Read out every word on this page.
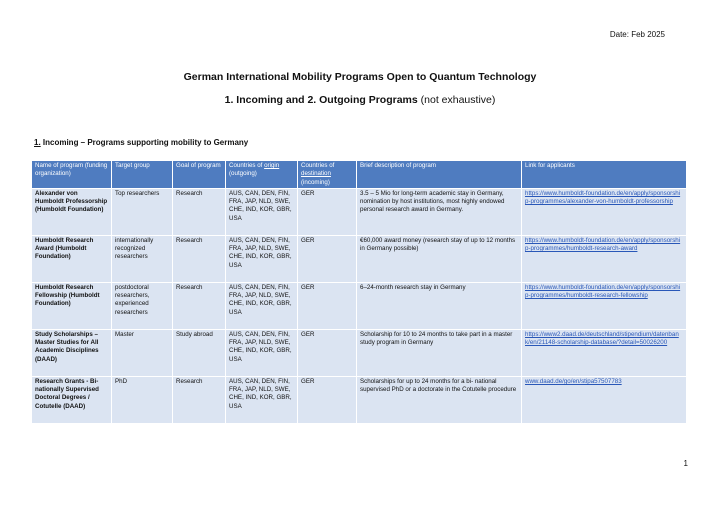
Date: Feb 2025
German International Mobility Programs Open to Quantum Technology
1. Incoming and 2. Outgoing Programs (not exhaustive)
1. Incoming – Programs supporting mobility to Germany
Name of program (funding organization)	Target group	Goal of program	Countries of origin (outgoing)	Countries of destination (incoming)	Brief description of program	Link for applicants
Alexander von Humboldt Professorship (Humboldt Foundation)	Top researchers	Research	AUS, CAN, DEN, FIN, FRA, JAP, NLD, SWE, CHE, IND, KOR, GBR, USA	GER	3.5 – 5 Mio for long-term academic stay in Germany, nomination by host institutions, most highly endowed personal research award in Germany.	https://www.humboldt-foundation.de/en/apply/sponsorship-programmes/alexander-von-humboldt-professorship
Humboldt Research Award (Humboldt Foundation)	internationally recognized researchers	Research	AUS, CAN, DEN, FIN, FRA, JAP, NLD, SWE, CHE, IND, KOR, GBR, USA	GER	€60,000 award money (research stay of up to 12 months in Germany possible)	https://www.humboldt-foundation.de/en/apply/sponsorship-programmes/humboldt-research-award
Humboldt Research Fellowship (Humboldt Foundation)	postdoctoral researchers, experienced researchers	Research	AUS, CAN, DEN, FIN, FRA, JAP, NLD, SWE, CHE, IND, KOR, GBR, USA	GER	6–24-month research stay in Germany	https://www.humboldt-foundation.de/en/apply/sponsorship-programmes/humboldt-research-fellowship
Study Scholarships – Master Studies for All Academic Disciplines (DAAD)	Master	Study abroad	AUS, CAN, DEN, FIN, FRA, JAP, NLD, SWE, CHE, IND, KOR, GBR, USA	GER	Scholarship for 10 to 24 months to take part in a master study program in Germany	https://www2.daad.de/deutschland/stipendium/datenbank/en/21148-scholarship-database/?detail=50026200
Research Grants - Bi-nationally Supervised Doctoral Degrees / Cotutelle (DAAD)	PhD	Research	AUS, CAN, DEN, FIN, FRA, JAP, NLD, SWE, CHE, IND, KOR, GBR, USA	GER	Scholarships for up to 24 months for a bi- national supervised PhD or a doctorate in the Cotutelle procedure	www.daad.de/go/en/stipa57507783
1
